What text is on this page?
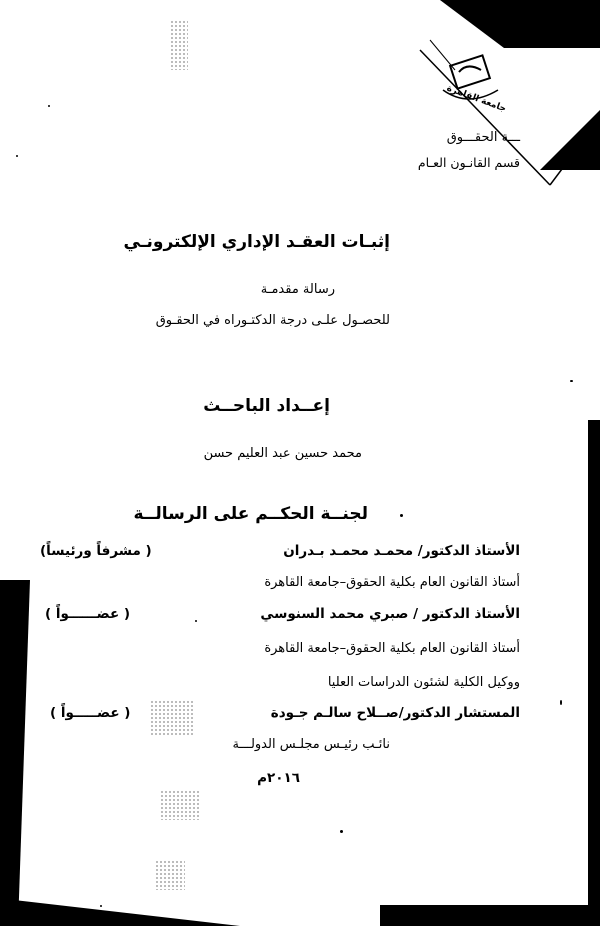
جامعة القاهرة
ـــة الحقـــوق
قسم القانـون العـام
إثبـات العقـد الإداري الإلكترونـي
رسالة مقدمـة
للحصـول علـى درجة الدكتـوراه في الحقـوق
إعــداد الباحــث
محمد حسين عبد العليم حسن
لجنــة الحكــم على الرسالــة
الأستاذ الدكتور/ محمـد محمـد بـدران
( مشرفاً ورئيساً)
أستاذ القانون العام بكلية الحقوق–جامعة القاهرة
الأستاذ الدكتور / صبري محمد السنوسي
( عضــــــواً )
أستاذ القانون العام بكلية الحقوق–جامعة القاهرة
ووكيل الكلية لشئون الدراسات العليا
المستشار الدكتور/صــلاح سالـم جـودة
( عضـــــواً )
نائـب رئيـس مجلـس الدولـــة
٢٠١٦م
